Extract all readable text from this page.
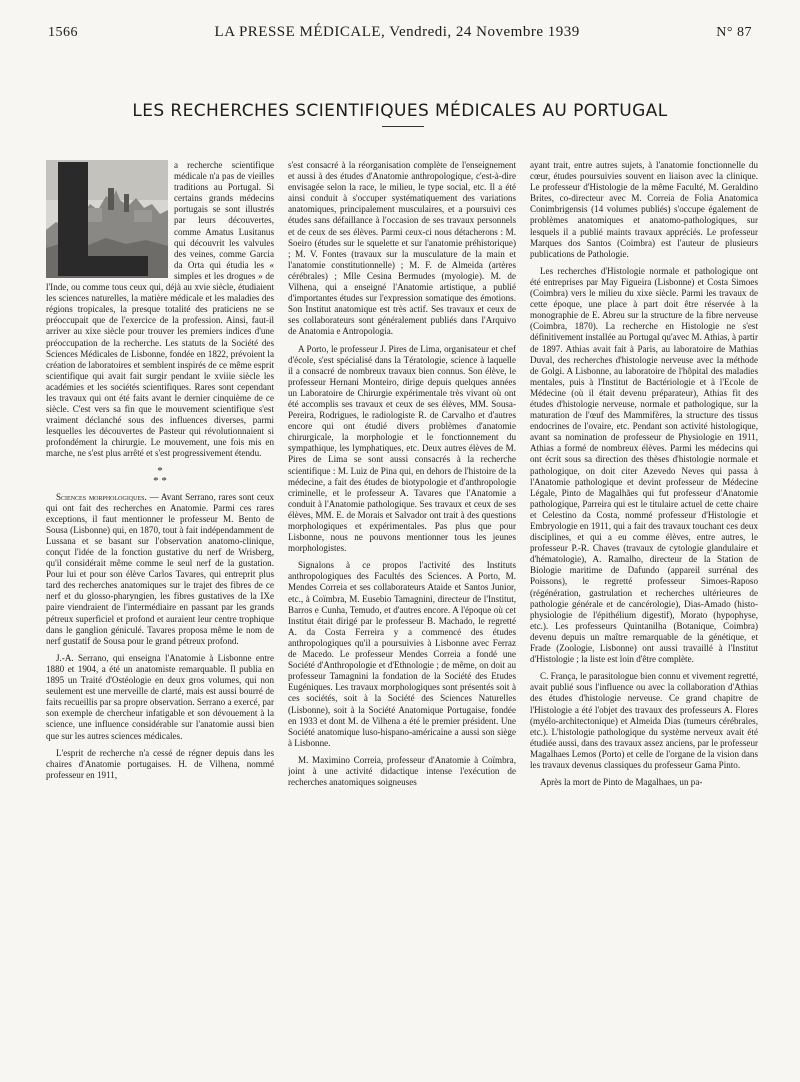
1566	LA PRESSE MÉDICALE, Vendredi, 24 Novembre 1939	N° 87
LES RECHERCHES SCIENTIFIQUES MÉDICALES AU PORTUGAL

a recherche scientifique médicale n'a pas de vieilles traditions au Portugal. Si certains grands médecins portugais se sont illustrés par leurs découvertes, comme Amatus Lusitanus qui découvrit les valvules des veines, comme Garcia da Orta qui étudia les « simples et les drogues » de l'Inde, ou comme tous ceux qui, déjà au xvie siècle, étudiaient les sciences naturelles, la matière médicale et les maladies des régions tropicales, la presque totalité des praticiens ne se préoccupait que de l'exercice de la profession. Ainsi, faut-il arriver au xixe siècle pour trouver les premiers indices d'une préoccupation de la recherche. Les statuts de la Société des Sciences Médicales de Lisbonne, fondée en 1822, prévoient la création de laboratoires et semblent inspirés de ce même esprit scientifique qui avait fait surgir pendant le xviiie siècle les académies et les sociétés scientifiques. Rares sont cependant les travaux qui ont été faits avant le dernier cinquième de ce siècle. C'est vers sa fin que le mouvement scientifique s'est vraiment déclanché sous des influences diverses, parmi lesquelles les découvertes de Pasteur qui révolutionnaient si profondément la chirurgie. Le mouvement, une fois mis en marche, ne s'est plus arrêté et s'est progressivement étendu.

*
* *

Sciences morphologiques. — Avant Serrano, rares sont ceux qui ont fait des recherches en Anatomie. Parmi ces rares exceptions, il faut mentionner le professeur M. Bento de Sousa (Lisbonne) qui, en 1870, tout à fait indépendamment de Lussana et se basant sur l'observation anatomo-clinique, conçut l'idée de la fonction gustative du nerf de Wrisberg, qu'il considérait même comme le seul nerf de la gustation. Pour lui et pour son élève Carlos Tavares, qui entreprit plus tard des recherches anatomiques sur le trajet des fibres de ce nerf et du glosso-pharyngien, les fibres gustatives de la IXe paire viendraient de l'intermédiaire en passant par les grands pétreux superficiel et profond et auraient leur centre trophique dans le ganglion géniculé. Tavares proposa même le nom de nerf gustatif de Sousa pour le grand pétreux profond.

J.-A. Serrano, qui enseigna l'Anatomie à Lisbonne entre 1880 et 1904, a été un anatomiste remarquable. Il publia en 1895 un Traité d'Ostéologie en deux gros volumes, qui non seulement est une merveille de clarté, mais est aussi bourré de faits recueillis par sa propre observation. Serrano a exercé, par son exemple de chercheur infatigable et son dévouement à la science, une influence considérable sur l'anatomie aussi bien que sur les autres sciences médicales.

L'esprit de recherche n'a cessé de régner depuis dans les chaires d'Anatomie portugaises. H. de Vilhena, nommé professeur en 1911,

s'est consacré à la réorganisation complète de l'enseignement et aussi à des études d'Anatomie anthropologique, c'est-à-dire envisagée selon la race, le milieu, le type social, etc. Il a été ainsi conduit à s'occuper systématiquement des variations anatomiques, principalement musculaires, et a poursuivi ces études sans défaillance à l'occasion de ses travaux personnels et de ceux de ses élèves. Parmi ceux-ci nous détacherons : M. Soeiro (études sur le squelette et sur l'anatomie préhistorique) ; M. V. Fontes (travaux sur la musculature de la main et l'anatomie constitutionnelle) ; M. F. de Almeida (artères cérébrales) ; Mlle Cesina Bermudes (myologie). M. de Vilhena, qui a enseigné l'Anatomie artistique, a publié d'importantes études sur l'expression somatique des émotions. Son Institut anatomique est très actif. Ses travaux et ceux de ses collaborateurs sont généralement publiés dans l'Arquivo de Anatomia e Antropologia.

A Porto, le professeur J. Pires de Lima, organisateur et chef d'école, s'est spécialisé dans la Tératologie, science à laquelle il a consacré de nombreux travaux bien connus. Son élève, le professeur Hernani Monteiro, dirige depuis quelques années un Laboratoire de Chirurgie expérimentale très vivant où ont été accomplis ses travaux et ceux de ses élèves, MM. Sousa-Pereira, Rodrigues, le radiologiste R. de Carvalho et d'autres encore qui ont étudié divers problèmes d'anatomie chirurgicale, la morphologie et le fonctionnement du sympathique, les lymphatiques, etc. Deux autres élèves de M. Pires de Lima se sont aussi consacrés à la recherche scientifique : M. Luiz de Pina qui, en dehors de l'histoire de la médecine, a fait des études de biotypologie et d'anthropologie criminelle, et le professeur A. Tavares que l'Anatomie a conduit à l'Anatomie pathologique. Ses travaux et ceux de ses élèves, MM. E. de Morais et Salvador ont trait à des questions morphologiques et expérimentales. Pas plus que pour Lisbonne, nous ne pouvons mentionner tous les jeunes morphologistes.

Signalons à ce propos l'activité des Instituts anthropologiques des Facultés des Sciences. A Porto, M. Mendes Correia et ses collaborateurs Ataide et Santos Junior, etc., à Coïmbra, M. Eusebio Tamagnini, directeur de l'Institut, Barros e Cunha, Temudo, et d'autres encore. A l'époque où cet Institut était dirigé par le professeur B. Machado, le regretté A. da Costa Ferreira y a commencé des études anthropologiques qu'il a poursuivies à Lisbonne avec Ferraz de Macedo. Le professeur Mendes Correia a fondé une Société d'Anthropologie et d'Ethnologie ; de même, on doit au professeur Tamagnini la fondation de la Société des Etudes Eugéniques. Les travaux morphologiques sont présentés soit à ces sociétés, soit à la Société des Sciences Naturelles (Lisbonne), soit à la Société Anatomique Portugaise, fondée en 1933 et dont M. de Vilhena a été le premier président. Une Société anatomique luso-hispano-américaine a aussi son siège à Lisbonne.

M. Maximino Correia, professeur d'Anatomie à Coïmbra, joint à une activité didactique intense l'exécution de recherches anatomiques soigneuses

ayant trait, entre autres sujets, à l'anatomie fonctionnelle du cœur, études poursuivies souvent en liaison avec la clinique. Le professeur d'Histologie de la même Faculté, M. Geraldino Brites, co-directeur avec M. Correia de Folia Anatomica Conimbrigensis (14 volumes publiés) s'occupe également de problèmes anatomiques et anatomo-pathologiques, sur lesquels il a publié maints travaux appréciés. Le professeur Marques dos Santos (Coimbra) est l'auteur de plusieurs publications de Pathologie.

Les recherches d'Histologie normale et pathologique ont été entreprises par May Figueira (Lisbonne) et Costa Simoes (Coimbra) vers le milieu du xixe siècle. Parmi les travaux de cette époque, une place à part doit être réservée à la monographie de E. Abreu sur la structure de la fibre nerveuse (Coimbra, 1870). La recherche en Histologie ne s'est définitivement installée au Portugal qu'avec M. Athias, à partir de 1897. Athias avait fait à Paris, au laboratoire de Mathias Duval, des recherches d'histologie nerveuse avec la méthode de Golgi. A Lisbonne, au laboratoire de l'hôpital des maladies mentales, puis à l'Institut de Bactériologie et à l'Ecole de Médecine (où il était devenu préparateur), Athias fit des études d'histologie nerveuse, normale et pathologique, sur la maturation de l'œuf des Mammifères, la structure des tissus endocrines de l'ovaire, etc. Pendant son activité histologique, avant sa nomination de professeur de Physiologie en 1911, Athias a formé de nombreux élèves. Parmi les médecins qui ont écrit sous sa direction des thèses d'histologie normale et pathologique, on doit citer Azevedo Neves qui passa à l'Anatomie pathologique et devint professeur de Médecine Légale, Pinto de Magalhães qui fut professeur d'Anatomie pathologique, Parreira qui est le titulaire actuel de cette chaire et Celestino da Costa, nommé professeur d'Histologie et Embryologie en 1911, qui a fait des travaux touchant ces deux disciplines, et qui a eu comme élèves, entre autres, le professeur P.-R. Chaves (travaux de cytologie glandulaire et d'hématologie), A. Ramalho, directeur de la Station de Biologie maritime de Dafundo (appareil surrénal des Poissons), le regretté professeur Simoes-Raposo (régénération, gastrulation et recherches ultérieures de pathologie générale et de cancérologie), Dias-Amado (histo-physiologie de l'épithélium digestif), Morato (hypophyse, etc.). Les professeurs Quintanilha (Botanique, Coimbra) devenu depuis un maître remarquable de la génétique, et Frade (Zoologie, Lisbonne) ont aussi travaillé à l'Institut d'Histologie ; la liste est loin d'être complète.

C. França, le parasitologue bien connu et vivement regretté, avait publié sous l'influence ou avec la collaboration d'Athias des études d'histologie nerveuse. Ce grand chapitre de l'Histologie a été l'objet des travaux des professeurs A. Flores (myélo-architectonique) et Almeida Dias (tumeurs cérébrales, etc.). L'histologie pathologique du système nerveux avait été étudiée aussi, dans des travaux assez anciens, par le professeur Magalhaes Lemos (Porto) et celle de l'organe de la vision dans les travaux devenus classiques du professeur Gama Pinto.

Après la mort de Pinto de Magalhaes, un pa-
